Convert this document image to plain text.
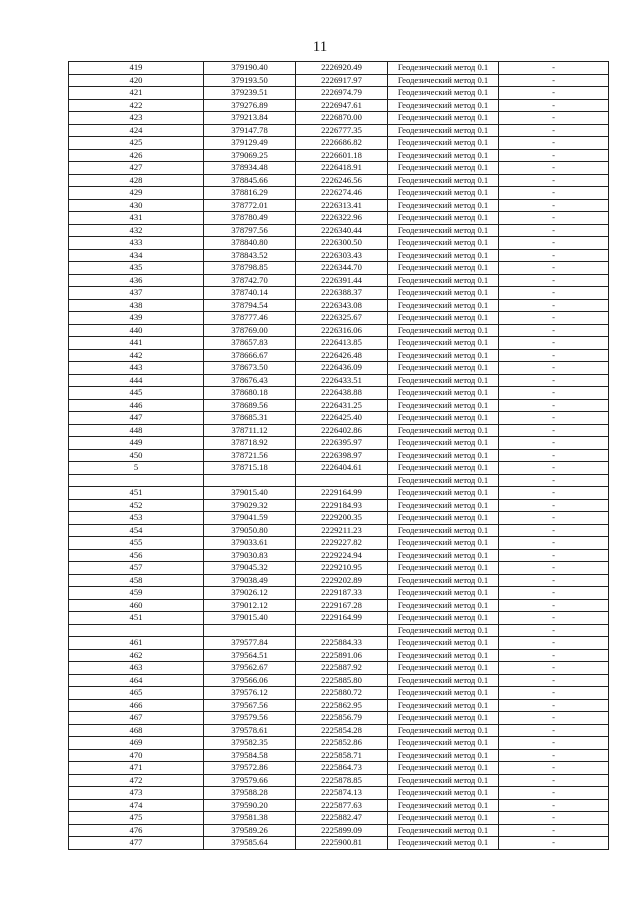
11
419	379190.40	2226920.49	Геодезический метод 0.1	-
420	379193.50	2226917.97	Геодезический метод 0.1	-
421	379239.51	2226974.79	Геодезический метод 0.1	-
422	379276.89	2226947.61	Геодезический метод 0.1	-
423	379213.84	2226870.00	Геодезический метод 0.1	-
424	379147.78	2226777.35	Геодезический метод 0.1	-
425	379129.49	2226686.82	Геодезический метод 0.1	-
426	379069.25	2226601.18	Геодезический метод 0.1	-
427	378934.48	2226418.91	Геодезический метод 0.1	-
428	378845.66	2226246.56	Геодезический метод 0.1	-
429	378816.29	2226274.46	Геодезический метод 0.1	-
430	378772.01	2226313.41	Геодезический метод 0.1	-
431	378780.49	2226322.96	Геодезический метод 0.1	-
432	378797.56	2226340.44	Геодезический метод 0.1	-
433	378840.80	2226300.50	Геодезический метод 0.1	-
434	378843.52	2226303.43	Геодезический метод 0.1	-
435	378798.85	2226344.70	Геодезический метод 0.1	-
436	378742.70	2226391.44	Геодезический метод 0.1	-
437	378740.14	2226388.37	Геодезический метод 0.1	-
438	378794.54	2226343.08	Геодезический метод 0.1	-
439	378777.46	2226325.67	Геодезический метод 0.1	-
440	378769.00	2226316.06	Геодезический метод 0.1	-
441	378657.83	2226413.85	Геодезический метод 0.1	-
442	378666.67	2226426.48	Геодезический метод 0.1	-
443	378673.50	2226436.09	Геодезический метод 0.1	-
444	378676.43	2226433.51	Геодезический метод 0.1	-
445	378680.18	2226438.88	Геодезический метод 0.1	-
446	378689.56	2226431.25	Геодезический метод 0.1	-
447	378685.31	2226425.40	Геодезический метод 0.1	-
448	378711.12	2226402.86	Геодезический метод 0.1	-
449	378718.92	2226395.97	Геодезический метод 0.1	-
450	378721.56	2226398.97	Геодезический метод 0.1	-
5	378715.18	2226404.61	Геодезический метод 0.1	-
			Геодезический метод 0.1	-
451	379015.40	2229164.99	Геодезический метод 0.1	-
452	379029.32	2229184.93	Геодезический метод 0.1	-
453	379041.59	2229200.35	Геодезический метод 0.1	-
454	379050.80	2229211.23	Геодезический метод 0.1	-
455	379033.61	2229227.82	Геодезический метод 0.1	-
456	379030.83	2229224.94	Геодезический метод 0.1	-
457	379045.32	2229210.95	Геодезический метод 0.1	-
458	379038.49	2229202.89	Геодезический метод 0.1	-
459	379026.12	2229187.33	Геодезический метод 0.1	-
460	379012.12	2229167.28	Геодезический метод 0.1	-
451	379015.40	2229164.99	Геодезический метод 0.1	-
			Геодезический метод 0.1	-
461	379577.84	2225884.33	Геодезический метод 0.1	-
462	379564.51	2225891.06	Геодезический метод 0.1	-
463	379562.67	2225887.92	Геодезический метод 0.1	-
464	379566.06	2225885.80	Геодезический метод 0.1	-
465	379576.12	2225880.72	Геодезический метод 0.1	-
466	379567.56	2225862.95	Геодезический метод 0.1	-
467	379579.56	2225856.79	Геодезический метод 0.1	-
468	379578.61	2225854.28	Геодезический метод 0.1	-
469	379582.35	2225852.86	Геодезический метод 0.1	-
470	379584.58	2225858.71	Геодезический метод 0.1	-
471	379572.86	2225864.73	Геодезический метод 0.1	-
472	379579.66	2225878.85	Геодезический метод 0.1	-
473	379588.28	2225874.13	Геодезический метод 0.1	-
474	379590.20	2225877.63	Геодезический метод 0.1	-
475	379581.38	2225882.47	Геодезический метод 0.1	-
476	379589.26	2225899.09	Геодезический метод 0.1	-
477	379585.64	2225900.81	Геодезический метод 0.1	-
